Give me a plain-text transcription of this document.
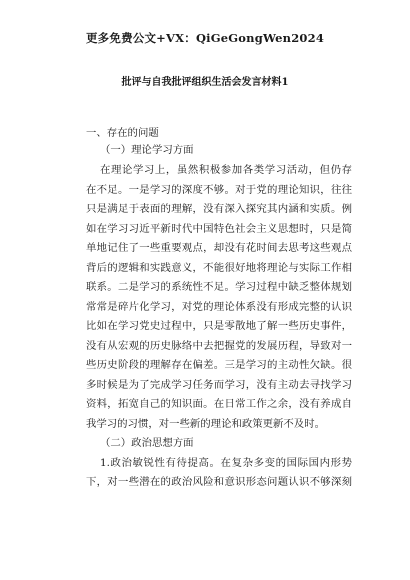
更多免费公文+VX：QiGeGongWen2024
批评与自我批评组织生活会发言材料1
一、存在的问题
（一）理论学习方面
在理论学习上，虽然积极参加各类学习活动，但仍存
在不足。一是学习的深度不够。对于党的理论知识，往往
只是满足于表面的理解，没有深入探究其内涵和实质。例
如在学习习近平新时代中国特色社会主义思想时，只是简
单地记住了一些重要观点，却没有花时间去思考这些观点
背后的逻辑和实践意义，不能很好地将理论与实际工作相
联系。二是学习的系统性不足。学习过程中缺乏整体规划
常常是碎片化学习，对党的理论体系没有形成完整的认识
比如在学习党史过程中，只是零散地了解一些历史事件，
没有从宏观的历史脉络中去把握党的发展历程，导致对一
些历史阶段的理解存在偏差。三是学习的主动性欠缺。很
多时候是为了完成学习任务而学习，没有主动去寻找学习
资料，拓宽自己的知识面。在日常工作之余，没有养成自
我学习的习惯，对一些新的理论和政策更新不及时。
（二）政治思想方面
1.政治敏锐性有待提高。在复杂多变的国际国内形势
下，对一些潜在的政治风险和意识形态问题认识不够深刻
